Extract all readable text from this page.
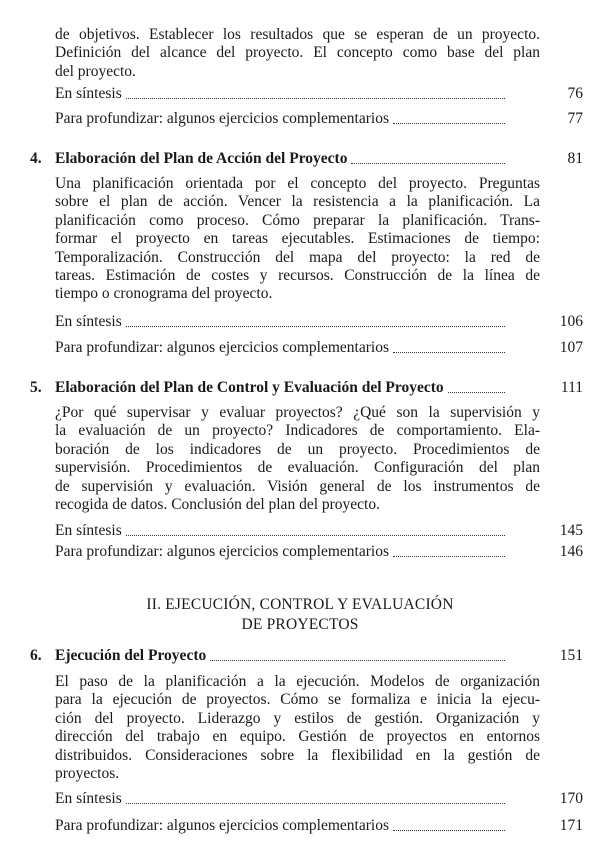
de objetivos. Establecer los resultados que se esperan de un proyecto.
Definición del alcance del proyecto. El concepto como base del plan
del proyecto.
En síntesis	76
Para profundizar: algunos ejercicios complementarios	77
4. Elaboración del Plan de Acción del Proyecto	81
Una planificación orientada por el concepto del proyecto. Preguntas
sobre el plan de acción. Vencer la resistencia a la planificación. La
planificación como proceso. Cómo preparar la planificación. Trans-
formar el proyecto en tareas ejecutables. Estimaciones de tiempo:
Temporalización. Construcción del mapa del proyecto: la red de
tareas. Estimación de costes y recursos. Construcción de la línea de
tiempo o cronograma del proyecto.
En síntesis	106
Para profundizar: algunos ejercicios complementarios	107
5. Elaboración del Plan de Control y Evaluación del Proyecto	111
¿Por qué supervisar y evaluar proyectos? ¿Qué son la supervisión y
la evaluación de un proyecto? Indicadores de comportamiento. Ela-
boración de los indicadores de un proyecto. Procedimientos de
supervisión. Procedimientos de evaluación. Configuración del plan
de supervisión y evaluación. Visión general de los instrumentos de
recogida de datos. Conclusión del plan del proyecto.
En síntesis	145
Para profundizar: algunos ejercicios complementarios	146
II. EJECUCIÓN, CONTROL Y EVALUACIÓN
DE PROYECTOS
6. Ejecución del Proyecto	151
El paso de la planificación a la ejecución. Modelos de organización
para la ejecución de proyectos. Cómo se formaliza e inicia la ejecu-
ción del proyecto. Liderazgo y estilos de gestión. Organización y
dirección del trabajo en equipo. Gestión de proyectos en entornos
distribuidos. Consideraciones sobre la flexibilidad en la gestión de
proyectos.
En síntesis	170
Para profundizar: algunos ejercicios complementarios	171
